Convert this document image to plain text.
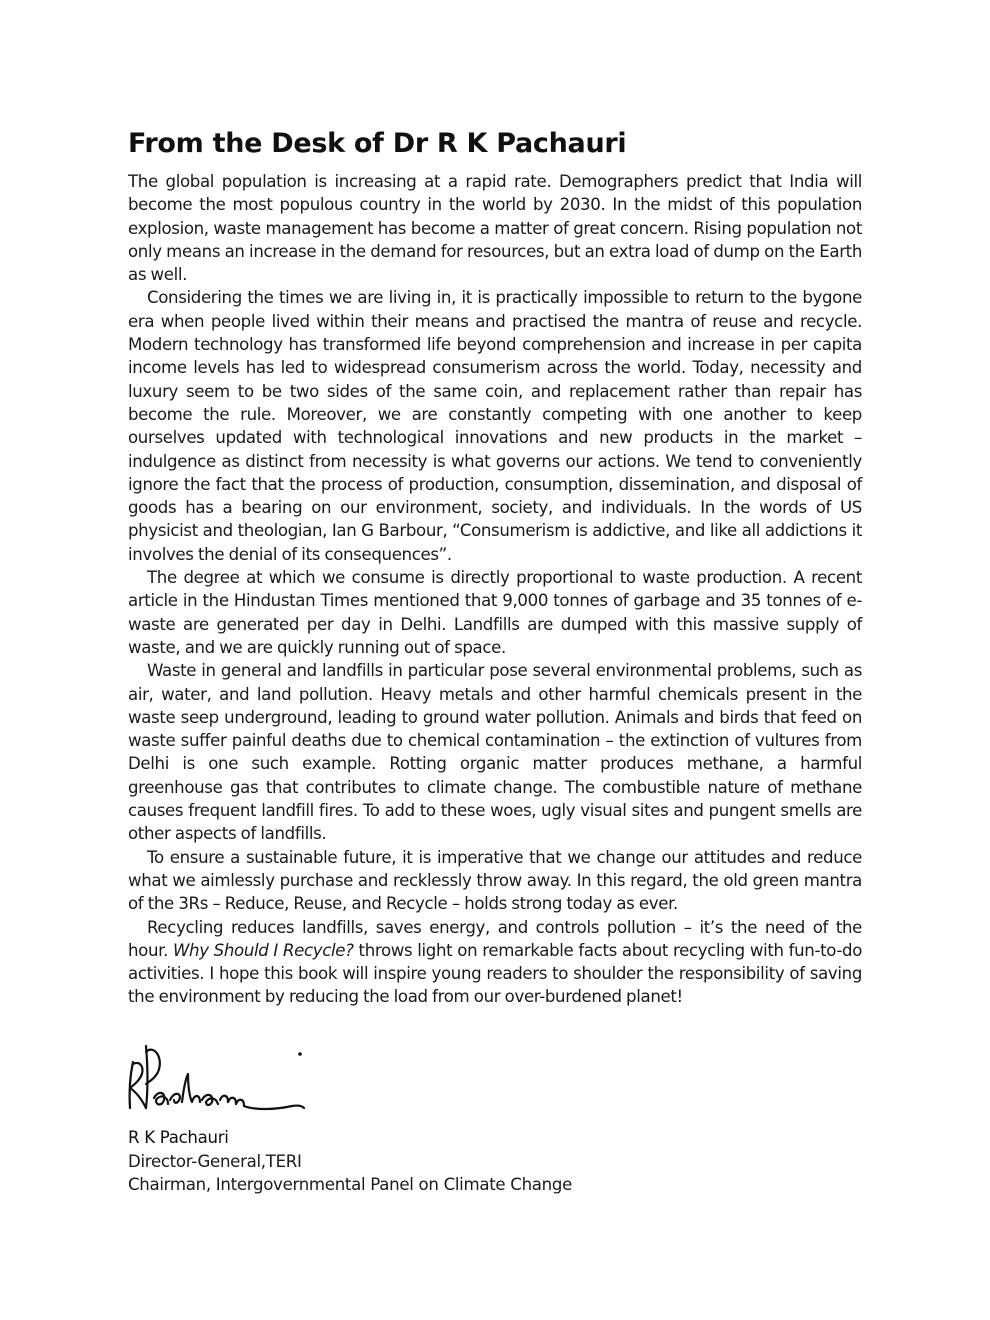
From the Desk of Dr R K Pachauri

The global population is increasing at a rapid rate. Demographers predict that India will become the most populous country in the world by 2030. In the midst of this population explosion, waste management has become a matter of great concern. Rising population not only means an increase in the demand for resources, but an extra load of dump on the Earth as well.

Considering the times we are living in, it is practically impossible to return to the bygone era when people lived within their means and practised the mantra of reuse and recycle. Modern technology has transformed life beyond comprehension and increase in per capita income levels has led to widespread consumerism across the world. Today, necessity and luxury seem to be two sides of the same coin, and replacement rather than repair has become the rule. Moreover, we are constantly competing with one another to keep ourselves updated with technological innovations and new products in the market – indulgence as distinct from necessity is what governs our actions. We tend to conveniently ignore the fact that the process of production, consumption, dissemination, and disposal of goods has a bearing on our environment, society, and individuals. In the words of US physicist and theologian, Ian G Barbour, “Consumerism is addictive, and like all addictions it involves the denial of its consequences”.

The degree at which we consume is directly proportional to waste production. A recent article in the Hindustan Times mentioned that 9,000 tonnes of garbage and 35 tonnes of e-waste are generated per day in Delhi. Landfills are dumped with this massive supply of waste, and we are quickly running out of space.

Waste in general and landfills in particular pose several environmental problems, such as air, water, and land pollution. Heavy metals and other harmful chemicals present in the waste seep underground, leading to ground water pollution. Animals and birds that feed on waste suffer painful deaths due to chemical contamination – the extinction of vultures from Delhi is one such example. Rotting organic matter produces methane, a harmful greenhouse gas that contributes to climate change. The combustible nature of methane causes frequent landfill fires. To add to these woes, ugly visual sites and pungent smells are other aspects of landfills.

To ensure a sustainable future, it is imperative that we change our attitudes and reduce what we aimlessly purchase and recklessly throw away. In this regard, the old green mantra of the 3Rs – Reduce, Reuse, and Recycle – holds strong today as ever.

Recycling reduces landfills, saves energy, and controls pollution – it’s the need of the hour. Why Should I Recycle? throws light on remarkable facts about recycling with fun-to-do activities. I hope this book will inspire young readers to shoulder the responsibility of saving the environment by reducing the load from our over-burdened planet!

R K Pachauri
Director-General,TERI
Chairman, Intergovernmental Panel on Climate Change
